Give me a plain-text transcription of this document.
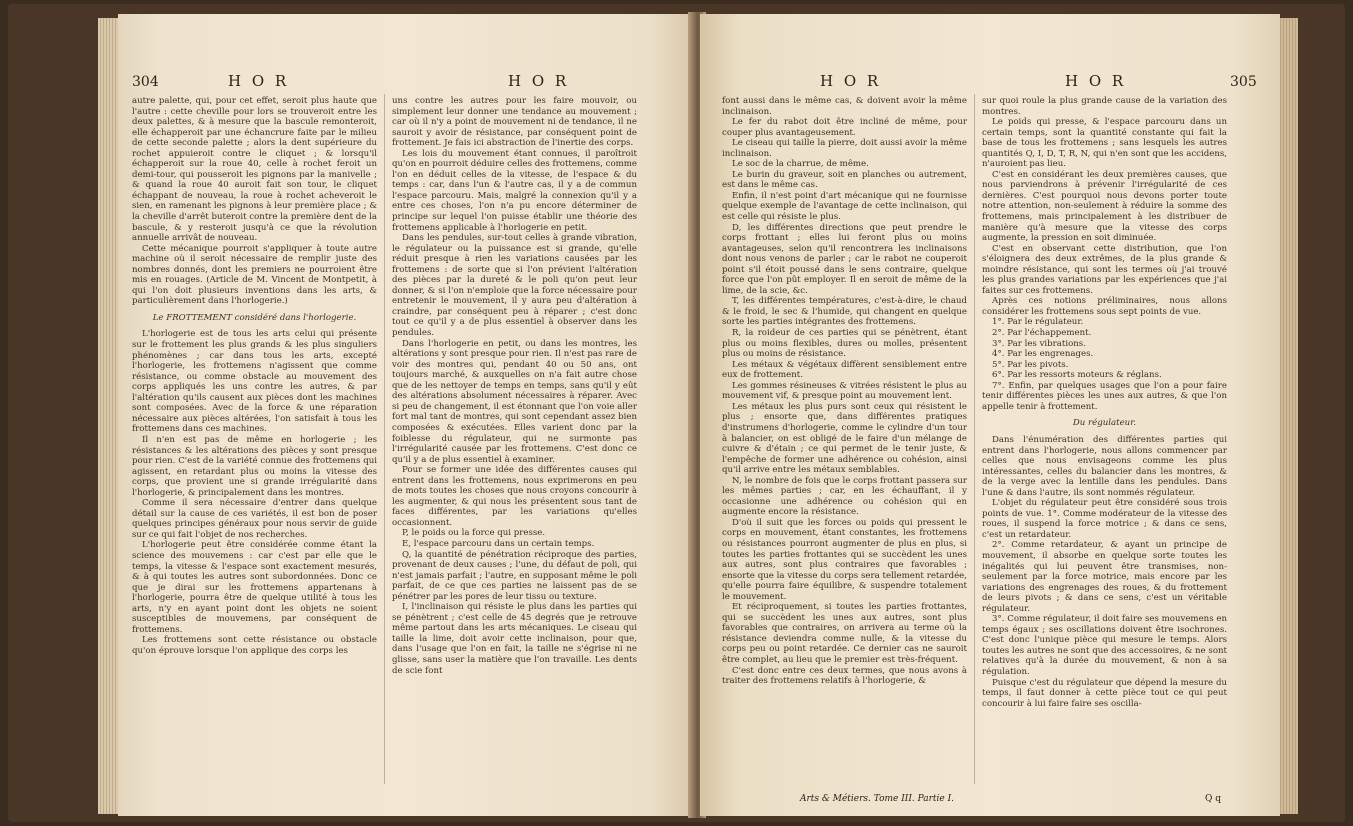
304	H O R	H O R

autre palette, qui, pour cet effet, seroit plus haute que l'autre : cette cheville pour lors se trouveroit entre les deux palettes, & à mesure que la bascule remonteroit, elle échapperoit par une échancrure faite par le milieu de cette seconde palette ; alors la dent supérieure du rochet appuieroit contre le cliquet ; & lorsqu'il échapperoit sur la roue 40, celle à rochet feroit un demi-tour, qui pousseroit les pignons par la manivelle ; & quand la roue 40 auroit fait son tour, le cliquet échappant de nouveau, la roue à rochet acheveroit le sien, en ramenant les pignons à leur première place ; & la cheville d'arrêt buteroit contre la première dent de la bascule, & y resteroit jusqu'à ce que la révolution annuelle arrivât de nouveau.

Cette mécanique pourroit s'appliquer à toute autre machine où il seroit nécessaire de remplir juste des nombres donnés, dont les premiers ne pourroient être mis en rouages. (Article de M. Vincent de Montpetit, à qui l'on doit plusieurs inventions dans les arts, & particulièrement dans l'horlogerie.)

Le FROTTEMENT considéré dans l'horlogerie.

L'horlogerie est de tous les arts celui qui présente sur le frottement les plus grands & les plus singuliers phénomènes ; car dans tous les arts, excepté l'horlogerie, les frottemens n'agissent que comme résistance, ou comme obstacle au mouvement des corps appliqués les uns contre les autres, & par l'altération qu'ils causent aux pièces dont les machines sont composées. Avec de la force & une réparation nécessaire aux pièces altérées, l'on satisfait à tous les frottemens dans ces machines.

Il n'en est pas de même en horlogerie ; les résistances & les altérations des pièces y sont presque pour rien. C'est de la variété connue des frottemens qui agissent, en retardant plus ou moins la vitesse des corps, que provient une si grande irrégularité dans l'horlogerie, & principalement dans les montres.

Comme il sera nécessaire d'entrer dans quelque détail sur la cause de ces variétés, il est bon de poser quelques principes généraux pour nous servir de guide sur ce qui fait l'objet de nos recherches.

L'horlogerie peut être considérée comme étant la science des mouvemens : car c'est par elle que le temps, la vitesse & l'espace sont exactement mesurés, & à qui toutes les autres sont subordonnées. Donc ce que je dirai sur les frottemens appartenans à l'horlogerie, pourra être de quelque utilité à tous les arts, n'y en ayant point dont les objets ne soient susceptibles de mouvemens, par conséquent de frottemens.

Les frottemens sont cette résistance ou obstacle qu'on éprouve lorsque l'on applique des corps les

uns contre les autres pour les faire mouvoir, ou simplement leur donner une tendance au mouvement ; car où il n'y a point de mouvement ni de tendance, il ne sauroit y avoir de résistance, par conséquent point de frottement. Je fais ici abstraction de l'inertie des corps.

Les lois du mouvement étant connues, il paroîtroit qu'on en pourroit déduire celles des frottemens, comme l'on en déduit celles de la vitesse, de l'espace & du temps : car, dans l'un & l'autre cas, il y a de commun l'espace parcouru. Mais, malgré la connexion qu'il y a entre ces choses, l'on n'a pu encore déterminer de principe sur lequel l'on puisse établir une théorie des frottemens applicable à l'horlogerie en petit.

Dans les pendules, sur-tout celles à grande vibration, le régulateur ou la puissance est si grande, qu'elle réduit presque à rien les variations causées par les frottemens : de sorte que si l'on prévient l'altération des pièces par la dureté & le poli qu'on peut leur donner, & si l'on n'emploie que la force nécessaire pour entretenir le mouvement, il y aura peu d'altération à craindre, par conséquent peu à réparer ; c'est donc tout ce qu'il y a de plus essentiel à observer dans les pendules.

Dans l'horlogerie en petit, ou dans les montres, les altérations y sont presque pour rien. Il n'est pas rare de voir des montres qui, pendant 40 ou 50 ans, ont toujours marché, & auxquelles on n'a fait autre chose que de les nettoyer de temps en temps, sans qu'il y eût des altérations absolument nécessaires à réparer. Avec si peu de changement, il est étonnant que l'on voie aller fort mal tant de montres, qui sont cependant assez bien composées & exécutées. Elles varient donc par la foiblesse du régulateur, qui ne surmonte pas l'irrégularité causée par les frottemens. C'est donc ce qu'il y a de plus essentiel à examiner.

Pour se former une idée des différentes causes qui entrent dans les frottemens, nous exprimerons en peu de mots toutes les choses que nous croyons concourir à les augmenter, & qui nous les présentent sous tant de faces différentes, par les variations qu'elles occasionnent.

P, le poids ou la force qui presse.

E, l'espace parcouru dans un certain temps.

Q, la quantité de pénétration réciproque des parties, provenant de deux causes ; l'une, du défaut de poli, qui n'est jamais parfait ; l'autre, en supposant même le poli parfait, de ce que ces parties ne laissent pas de se pénétrer par les pores de leur tissu ou texture.

I, l'inclinaison qui résiste le plus dans les parties qui se pénètrent ; c'est celle de 45 degrés que je retrouve même partout dans les arts mécaniques. Le ciseau qui taille la lime, doit avoir cette inclinaison, pour que, dans l'usage que l'on en fait, la taille ne s'égrise ni ne glisse, sans user la matière que l'on travaille. Les dents de scie font

H O R	H O R	305

font aussi dans le même cas, & doivent avoir la même inclinaison.

Le fer du rabot doit être incliné de même, pour couper plus avantageusement.

Le ciseau qui taille la pierre, doit aussi avoir la même inclinaison.

Le soc de la charrue, de même.

Le burin du graveur, soit en planches ou autrement, est dans le même cas.

Enfin, il n'est point d'art mécanique qui ne fournisse quelque exemple de l'avantage de cette inclinaison, qui est celle qui résiste le plus.

D, les différentes directions que peut prendre le corps frottant ; elles lui feront plus ou moins avantageuses, selon qu'il rencontrera les inclinaisons dont nous venons de parler ; car le rabot ne couperoit point s'il étoit poussé dans le sens contraire, quelque force que l'on pût employer. Il en seroit de même de la lime, de la scie, &c.

T, les différentes températures, c'est-à-dire, le chaud & le froid, le sec & l'humide, qui changent en quelque sorte les parties intégrantes des frottemens.

R, la roideur de ces parties qui se pénètrent, étant plus ou moins flexibles, dures ou molles, présentent plus ou moins de résistance.

Les métaux & végétaux diffèrent sensiblement entre eux de frottement.

Les gommes résineuses & vitrées résistent le plus au mouvement vif, & presque point au mouvement lent.

Les métaux les plus purs sont ceux qui résistent le plus ; ensorte que, dans différentes pratiques d'instrumens d'horlogerie, comme le cylindre d'un tour à balancier, on est obligé de le faire d'un mélange de cuivre & d'étain ; ce qui permet de le tenir juste, & l'empêche de former une adhérence ou cohésion, ainsi qu'il arrive entre les métaux semblables.

N, le nombre de fois que le corps frottant passera sur les mêmes parties ; car, en les échauffant, il y occasionne une adhérence ou cohésion qui en augmente encore la résistance.

D'où il suit que les forces ou poids qui pressent le corps en mouvement, étant constantes, les frottemens ou résistances pourront augmenter de plus en plus, si toutes les parties frottantes qui se succèdent les unes aux autres, sont plus contraires que favorables ; ensorte que la vitesse du corps sera tellement retardée, qu'elle pourra faire équilibre, & suspendre totalement le mouvement.

Et réciproquement, si toutes les parties frottantes, qui se succèdent les unes aux autres, sont plus favorables que contraires, on arrivera au terme où la résistance deviendra comme nulle, & la vitesse du corps peu ou point retardée. Ce dernier cas ne sauroit être complet, au lieu que le premier est très-fréquent.

C'est donc entre ces deux termes, que nous avons à traiter des frottemens relatifs à l'horlogerie, &

sur quoi roule la plus grande cause de la variation des montres.

Le poids qui presse, & l'espace parcouru dans un certain temps, sont la quantité constante qui fait la base de tous les frottemens ; sans lesquels les autres quantités Q, I, D, T, R, N, qui n'en sont que les accidens, n'auroient pas lieu.

C'est en considérant les deux premières causes, que nous parviendrons à prévenir l'irrégularité de ces dernières. C'est pourquoi nous devons porter toute notre attention, non-seulement à réduire la somme des frottemens, mais principalement à les distribuer de manière qu'à mesure que la vitesse des corps augmente, la pression en soit diminuée.

C'est en observant cette distribution, que l'on s'éloignera des deux extrêmes, de la plus grande & moindre résistance, qui sont les termes où j'ai trouvé les plus grandes variations par les expériences que j'ai faites sur ces frottemens.

Après ces notions préliminaires, nous allons considérer les frottemens sous sept points de vue.

1°. Par le régulateur.

2°. Par l'échappement.

3°. Par les vibrations.

4°. Par les engrenages.

5°. Par les pivots.

6°. Par les ressorts moteurs & réglans.

7°. Enfin, par quelques usages que l'on a pour faire tenir différentes pièces les unes aux autres, & que l'on appelle tenir à frottement.

Du régulateur.

Dans l'énumération des différentes parties qui entrent dans l'horlogerie, nous allons commencer par celles que nous envisageons comme les plus intéressantes, celles du balancier dans les montres, & de la verge avec la lentille dans les pendules. Dans l'une & dans l'autre, ils sont nommés régulateur.

L'objet du régulateur peut être considéré sous trois points de vue. 1°. Comme modérateur de la vitesse des roues, il suspend la force motrice ; & dans ce sens, c'est un retardateur.

2°. Comme retardateur, & ayant un principe de mouvement, il absorbe en quelque sorte toutes les inégalités qui lui peuvent être transmises, non-seulement par la force motrice, mais encore par les variations des engrenages des roues, & du frottement de leurs pivots ; & dans ce sens, c'est un véritable régulateur.

3°. Comme régulateur, il doit faire ses mouvemens en temps égaux ; ses oscillations doivent être isochrones. C'est donc l'unique pièce qui mesure le temps. Alors toutes les autres ne sont que des accessoires, & ne sont relatives qu'à la durée du mouvement, & non à sa régulation.

Puisque c'est du régulateur que dépend la mesure du temps, il faut donner à cette pièce tout ce qui peut concourir à lui faire faire ses oscilla-

Arts & Métiers. Tome III. Partie I.	Q q
